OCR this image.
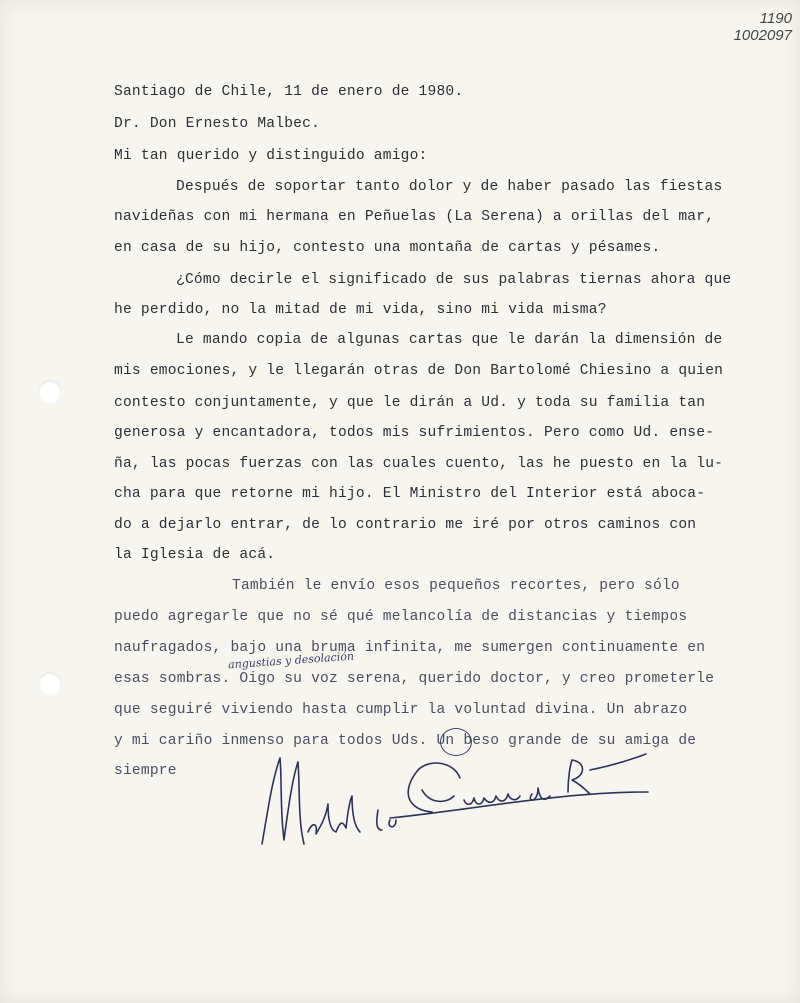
1190
1002097
Santiago de Chile, 11 de enero de 1980.
Dr. Don Ernesto Malbec.
Mi tan querido y distinguido amigo:
Después de soportar tanto dolor y de haber pasado las fiestas
navideñas con mi hermana en Peñuelas (La Serena) a orillas del mar,
en casa de su hijo, contesto una montaña de cartas y pésames.
¿Cómo decirle el significado de sus palabras tiernas ahora que
he perdido, no la mitad de mi vida, sino mi vida misma?
Le mando copia de algunas cartas que le darán la dimensión de
mis emociones, y le llegarán otras de Don Bartolomé Chiesino a quien
contesto conjuntamente, y que le dirán a Ud. y toda su familia tan
generosa y encantadora, todos mis sufrimientos. Pero como Ud. ense-
ña, las pocas fuerzas con las cuales cuento, las he puesto en la lu-
cha para que retorne mi hijo. El Ministro del Interior está aboca-
do a dejarlo entrar, de lo contrario me iré por otros caminos con
la Iglesia de acá.
También le envío esos pequeños recortes, pero sólo
puedo agregarle que no sé qué melancolía de distancias y tiempos
naufragados, bajo una bruma infinita, me sumergen continuamente en
esas sombras. Oigo su voz serena, querido doctor, y creo prometerle
que seguiré viviendo hasta cumplir la voluntad divina. Un abrazo
y mi cariño inmenso para todos Uds. Un beso grande de su amiga de
siempre
angustias y desolación
